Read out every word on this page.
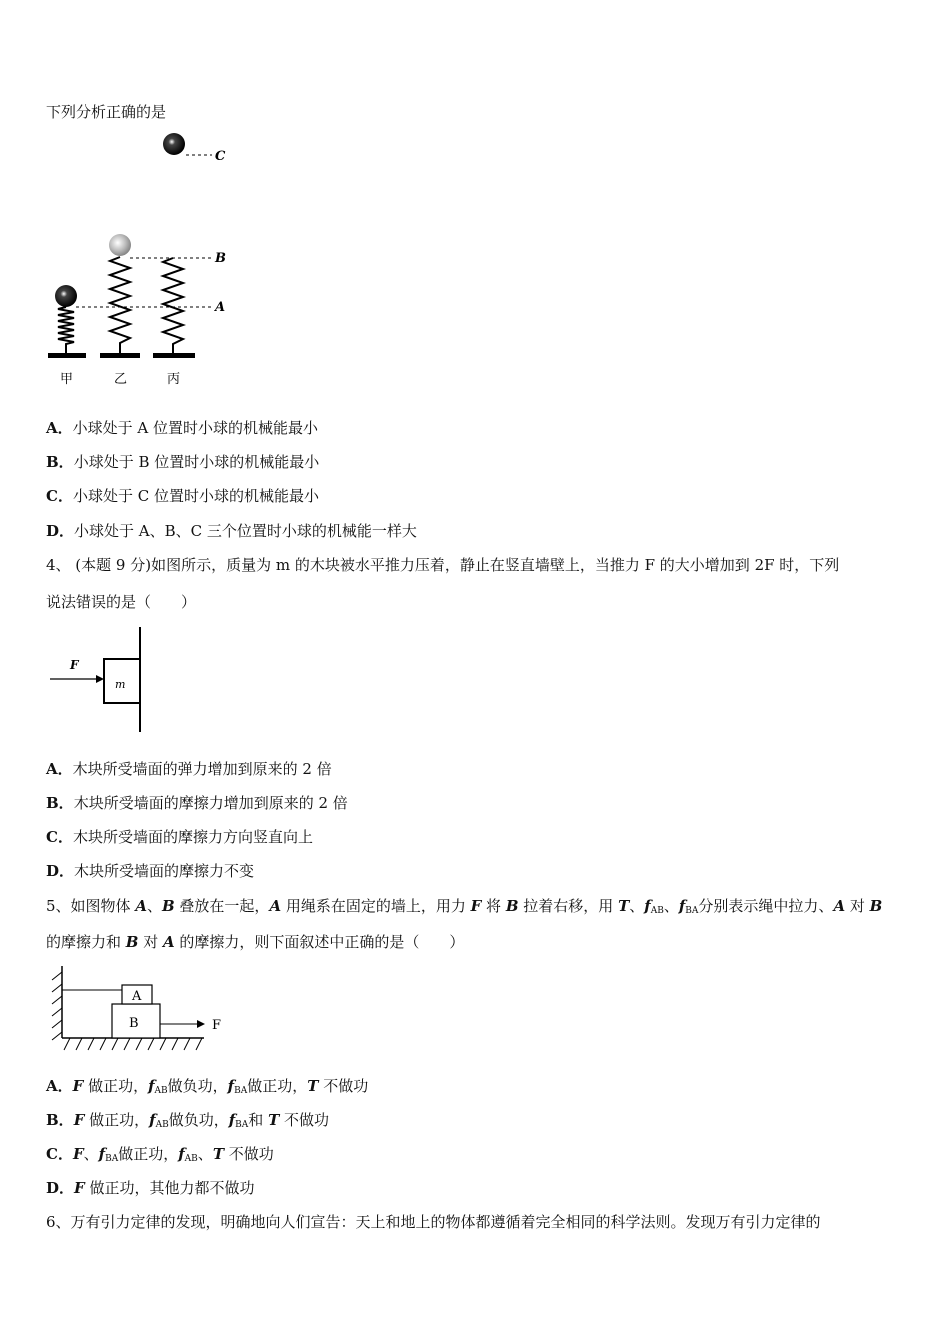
下列分析正确的是
C
B
A
甲	乙	丙
A．小球处于 A 位置时小球的机械能最小
B．小球处于 B 位置时小球的机械能最小
C．小球处于 C 位置时小球的机械能最小
D．小球处于 A、B、C 三个位置时小球的机械能一样大
4、 (本题 9 分)如图所示，质量为 m 的木块被水平推力压着，静止在竖直墙壁上，当推力 F 的大小增加到 2F 时，下列
说法错误的是（　　）
F
m
A．木块所受墙面的弹力增加到原来的 2 倍
B．木块所受墙面的摩擦力增加到原来的 2 倍
C．木块所受墙面的摩擦力方向竖直向上
D．木块所受墙面的摩擦力不变
5、如图物体 A、B 叠放在一起，A 用绳系在固定的墙上，用力 F 将 B 拉着右移，用 T、$f_{AB}$、$f_{BA}$分别表示绳中拉力、A 对 B
的摩擦力和 B 对 A 的摩擦力，则下面叙述中正确的是（　　）
B
A
F
A．F 做正功，$f_{AB}$做负功，$f_{BA}$做正功，T 不做功
B．F 做正功，$f_{AB}$做负功，$f_{BA}$和 T 不做功
C．F、$f_{BA}$做正功，$f_{AB}$、T 不做功
D．F 做正功，其他力都不做功
6、万有引力定律的发现，明确地向人们宣告：天上和地上的物体都遵循着完全相同的科学法则。发现万有引力定律的
